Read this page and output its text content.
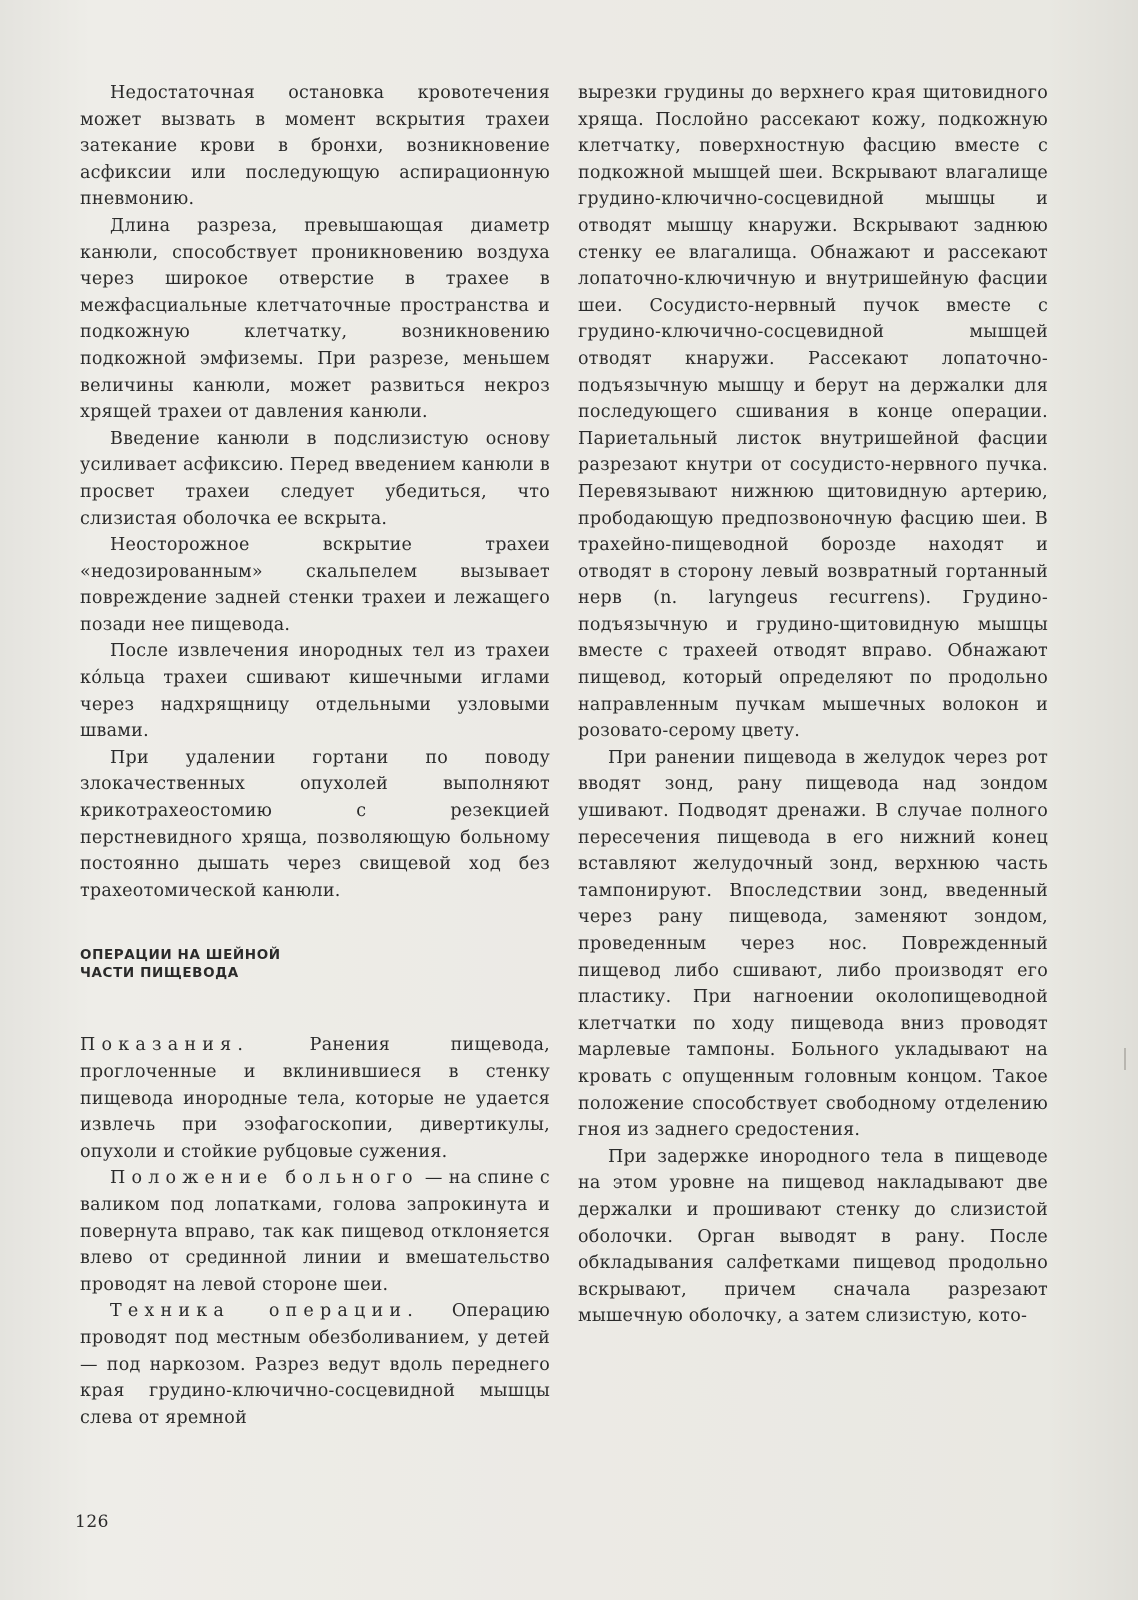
Недостаточная остановка кровотечения может вызвать в момент вскрытия трахеи затекание крови в бронхи, возникновение асфиксии или последующую аспирационную пневмонию.

Длина разреза, превышающая диаметр канюли, способствует проникновению воздуха через широкое отверстие в трахее в межфасциальные клетчаточные пространства и подкожную клетчатку, возникновению подкожной эмфиземы. При разрезе, меньшем величины канюли, может развиться некроз хрящей трахеи от давления канюли.

Введение канюли в подслизистую основу усиливает асфиксию. Перед введением канюли в просвет трахеи следует убедиться, что слизистая оболочка ее вскрыта.

Неосторожное вскрытие трахеи «недозированным» скальпелем вызывает повреждение задней стенки трахеи и лежащего позади нее пищевода.

После извлечения инородных тел из трахеи кóльца трахеи сшивают кишечными иглами через надхрящницу отдельными узловыми швами.

При удалении гортани по поводу злокачественных опухолей выполняют крикотрахеостомию с резекцией перстневидного хряща, позволяющую больному постоянно дышать через свищевой ход без трахеотомической канюли.

ОПЕРАЦИИ НА ШЕЙНОЙ
ЧАСТИ ПИЩЕВОДА

Показания. Ранения пищевода, проглоченные и вклинившиеся в стенку пищевода инородные тела, которые не удается извлечь при эзофагоскопии, дивертикулы, опухоли и стойкие рубцовые сужения.

Положение больного — на спине с валиком под лопатками, голова запрокинута и повернута вправо, так как пищевод отклоняется влево от срединной линии и вмешательство проводят на левой стороне шеи.

Техника операции. Операцию проводят под местным обезболиванием, у детей — под наркозом. Разрез ведут вдоль переднего края грудино-ключично-сосцевидной мышцы слева от яремной

вырезки грудины до верхнего края щитовидного хряща. Послойно рассекают кожу, подкожную клетчатку, поверхностную фасцию вместе с подкожной мышцей шеи. Вскрывают влагалище грудино-ключично-сосцевидной мышцы и отводят мышцу кнаружи. Вскрывают заднюю стенку ее влагалища. Обнажают и рассекают лопаточно-ключичную и внутришейную фасции шеи. Сосудисто-нервный пучок вместе с грудино-ключично-сосцевидной мышцей отводят кнаружи. Рассекают лопаточно-подъязычную мышцу и берут на держалки для последующего сшивания в конце операции. Париетальный листок внутришейной фасции разрезают кнутри от сосудисто-нервного пучка. Перевязывают нижнюю щитовидную артерию, прободающую предпозвоночную фасцию шеи. В трахейно-пищеводной борозде находят и отводят в сторону левый возвратный гортанный нерв (n. laryngeus recurrens). Грудино-подъязычную и грудино-щитовидную мышцы вместе с трахеей отводят вправо. Обнажают пищевод, который определяют по продольно направленным пучкам мышечных волокон и розовато-серому цвету.

При ранении пищевода в желудок через рот вводят зонд, рану пищевода над зондом ушивают. Подводят дренажи. В случае полного пересечения пищевода в его нижний конец вставляют желудочный зонд, верхнюю часть тампонируют. Впоследствии зонд, введенный через рану пищевода, заменяют зондом, проведенным через нос. Поврежденный пищевод либо сшивают, либо производят его пластику. При нагноении околопищеводной клетчатки по ходу пищевода вниз проводят марлевые тампоны. Больного укладывают на кровать с опущенным головным концом. Такое положение способствует свободному отделению гноя из заднего средостения.

При задержке инородного тела в пищеводе на этом уровне на пищевод накладывают две держалки и прошивают стенку до слизистой оболочки. Орган выводят в рану. После обкладывания салфетками пищевод продольно вскрывают, причем сначала разрезают мышечную оболочку, а затем слизистую, кото-

126
